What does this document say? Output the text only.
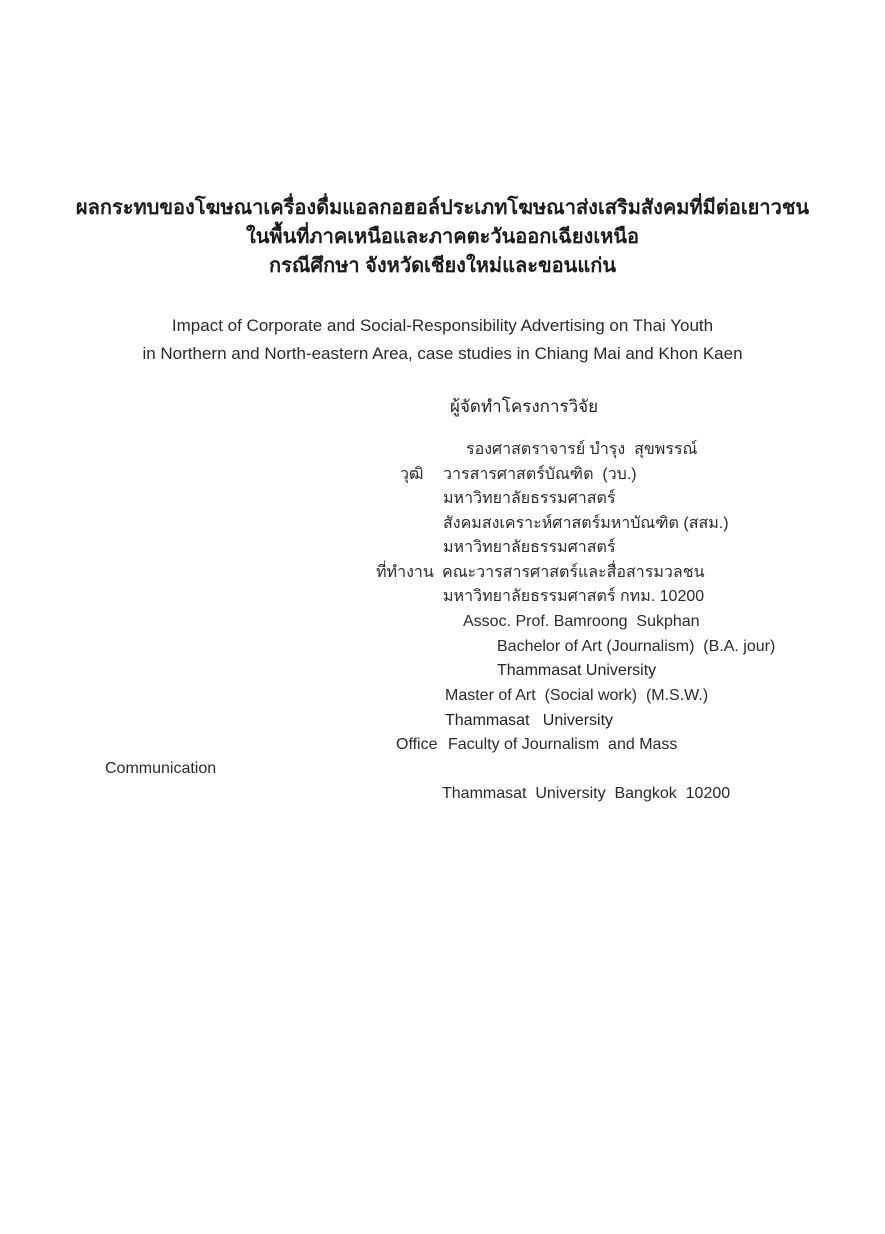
ผลกระทบของโฆษณาเครื่องดื่มแอลกอฮอล์ประเภทโฆษณาส่งเสริมสังคมที่มีต่อเยาวชน
ในพื้นที่ภาคเหนือและภาคตะวันออกเฉียงเหนือ
กรณีศึกษา จังหวัดเชียงใหม่และขอนแก่น
Impact of Corporate and Social-Responsibility Advertising on Thai Youth
in Northern and North-eastern Area, case studies in Chiang Mai and Khon Kaen
ผู้จัดทำโครงการวิจัย
รองศาสตราจารย์ บำรุง  สุขพรรณ์
วุฒิ วารสารศาสตร์บัณฑิต  (วบ.)
มหาวิทยาลัยธรรมศาสตร์
สังคมสงเคราะห์ศาสตร์มหาบัณฑิต (สสม.)
มหาวิทยาลัยธรรมศาสตร์
ที่ทำงาน คณะวารสารศาสตร์และสื่อสารมวลชน
มหาวิทยาลัยธรรมศาสตร์ กทม. 10200
Assoc. Prof. Bamroong  Sukphan
Bachelor of Art (Journalism)  (B.A. jour)
Thammasat University
Master of Art  (Social work)  (M.S.W.)
Thammasat   University
Office Faculty of Journalism  and Mass
Communication
Thammasat  University  Bangkok  10200
